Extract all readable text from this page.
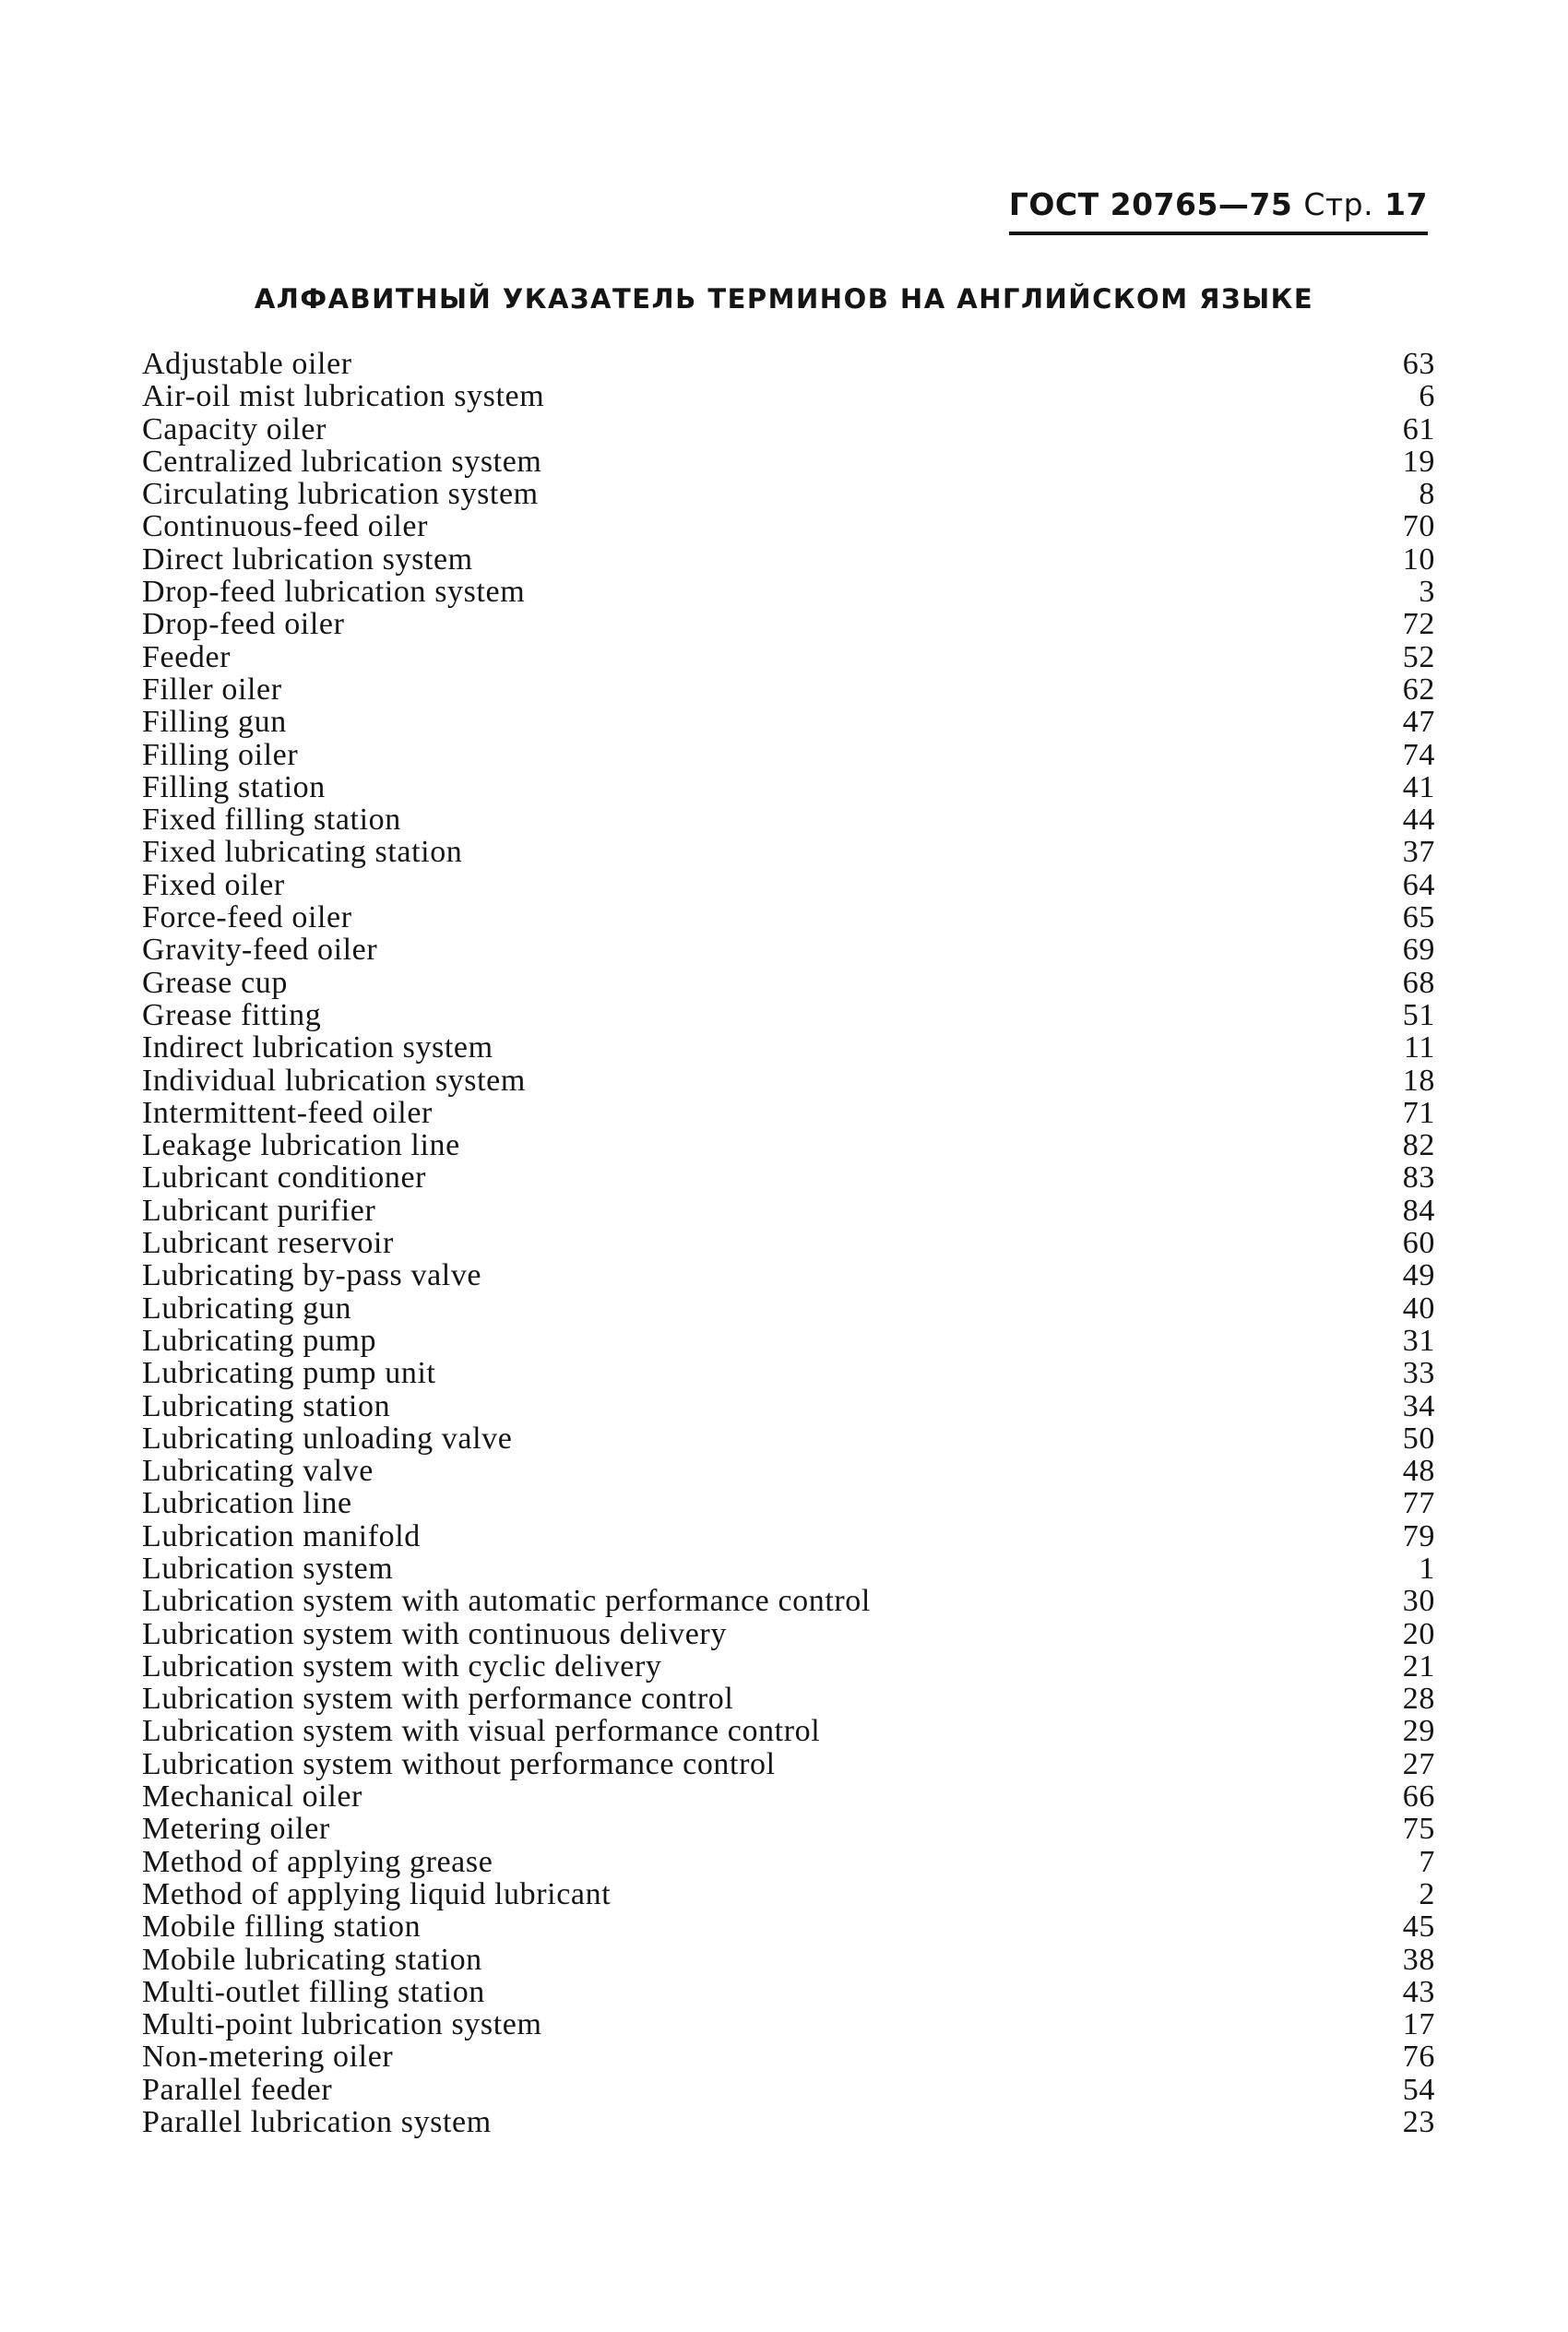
ГОСТ 20765—75 Стр. 17
АЛФАВИТНЫЙ УКАЗАТЕЛЬ ТЕРМИНОВ НА АНГЛИЙСКОМ ЯЗЫКЕ
Adjustable oiler	63
Air-oil mist lubrication system	6
Capacity oiler	61
Centralized lubrication system	19
Circulating lubrication system	8
Continuous-feed oiler	70
Direct lubrication system	10
Drop-feed lubrication system	3
Drop-feed oiler	72
Feeder	52
Filler oiler	62
Filling gun	47
Filling oiler	74
Filling station	41
Fixed filling station	44
Fixed lubricating station	37
Fixed oiler	64
Force-feed oiler	65
Gravity-feed oiler	69
Grease cup	68
Grease fitting	51
Indirect lubrication system	11
Individual lubrication system	18
Intermittent-feed oiler	71
Leakage lubrication line	82
Lubricant conditioner	83
Lubricant purifier	84
Lubricant reservoir	60
Lubricating by-pass valve	49
Lubricating gun	40
Lubricating pump	31
Lubricating pump unit	33
Lubricating station	34
Lubricating unloading valve	50
Lubricating valve	48
Lubrication line	77
Lubrication manifold	79
Lubrication system	1
Lubrication system with automatic performance control	30
Lubrication system with continuous delivery	20
Lubrication system with cyclic delivery	21
Lubrication system with performance control	28
Lubrication system with visual performance control	29
Lubrication system without performance control	27
Mechanical oiler	66
Metering oiler	75
Method of applying grease	7
Method of applying liquid lubricant	2
Mobile filling station	45
Mobile lubricating station	38
Multi-outlet filling station	43
Multi-point lubrication system	17
Non-metering oiler	76
Parallel feeder	54
Parallel lubrication system	23
